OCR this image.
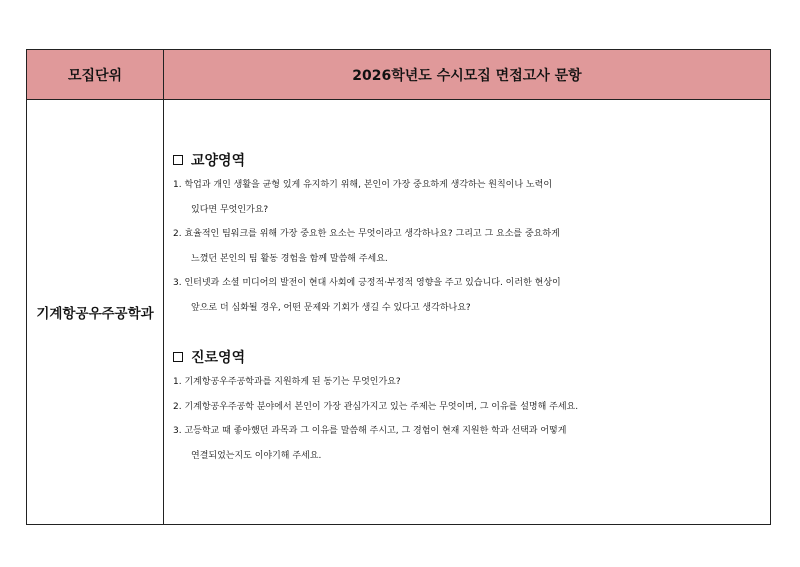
모집단위	2026학년도 수시모집 면접고사 문항
기계항공우주공학과
교양영역
1. 학업과 개인 생활을 균형 있게 유지하기 위해, 본인이 가장 중요하게 생각하는 원칙이나 노력이
있다면 무엇인가요?
2. 효율적인 팀워크를 위해 가장 중요한 요소는 무엇이라고 생각하나요? 그리고 그 요소를 중요하게
느꼈던 본인의 팀 활동 경험을 함께 말씀해 주세요.
3. 인터넷과 소셜 미디어의 발전이 현대 사회에 긍정적·부정적 영향을 주고 있습니다. 이러한 현상이
앞으로 더 심화될 경우, 어떤 문제와 기회가 생길 수 있다고 생각하나요?
진로영역
1. 기계항공우주공학과를 지원하게 된 동기는 무엇인가요?
2. 기계항공우주공학 분야에서 본인이 가장 관심가지고 있는 주제는 무엇이며, 그 이유를 설명해 주세요.
3. 고등학교 때 좋아했던 과목과 그 이유를 말씀해 주시고, 그 경험이 현재 지원한 학과 선택과 어떻게
연결되었는지도 이야기해 주세요.
